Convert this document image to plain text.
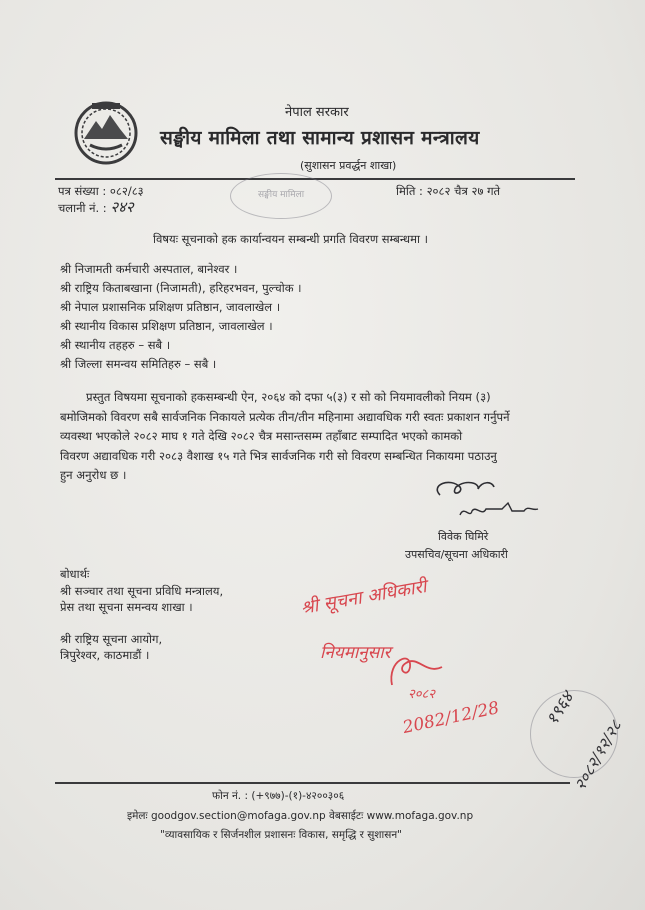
नेपाल सरकार
सङ्घीय मामिला तथा सामान्य प्रशासन मन्त्रालय
(सुशासन प्रवर्द्धन शाखा)
सङ्घीय मामिला
पत्र संख्या : ०८२/८३
चलानी नं. : २४२
मिति : २०८२ चैत्र २७ गते
विषयः सूचनाको हक कार्यान्वयन सम्बन्धी प्रगति विवरण सम्बन्धमा ।
श्री निजामती कर्मचारी अस्पताल, बानेश्वर ।
श्री राष्ट्रिय किताबखाना (निजामती), हरिहरभवन, पुल्चोक ।
श्री नेपाल प्रशासनिक प्रशिक्षण प्रतिष्ठान, जावलाखेल ।
श्री स्थानीय विकास प्रशिक्षण प्रतिष्ठान, जावलाखेल ।
श्री स्थानीय तहहरु – सबै ।
श्री जिल्ला समन्वय समितिहरु – सबै ।
प्रस्तुत विषयमा सूचनाको हकसम्बन्धी ऐन, २०६४ को दफा ५(३) र सो को नियमावलीको नियम (३)
बमोजिमको विवरण सबै सार्वजनिक निकायले प्रत्येक तीन/तीन महिनामा अद्यावधिक गरी स्वतः प्रकाशन गर्नुपर्ने
व्यवस्था भएकोले २०८२ माघ १ गते देखि २०८२ चैत्र मसान्तसम्म तहाँबाट सम्पादित भएको कामको
विवरण अद्यावधिक गरी २०८३ वैशाख १५ गते भित्र सार्वजनिक गरी सो विवरण सम्बन्धित निकायमा पठाउनु
हुन अनुरोध छ ।
विवेक घिमिरे
उपसचिव/सूचना अधिकारी
बोधार्थः
श्री सञ्चार तथा सूचना प्रविधि मन्त्रालय,
प्रेस तथा सूचना समन्वय शाखा ।
श्री राष्ट्रिय सूचना आयोग,
त्रिपुरेश्वर, काठमाडौं ।
श्री सूचना अधिकारी
नियमानुसार
२०८२
2082/12/28 १९६४
२०८२/१२/२८
फोन नं. : (+९७७)-(१)-४२००३०६
इमेलः goodgov.section@mofaga.gov.np वेबसाईटः www.mofaga.gov.np
"व्यावसायिक र सिर्जनशील प्रशासनः विकास, समृद्धि र सुशासन"
